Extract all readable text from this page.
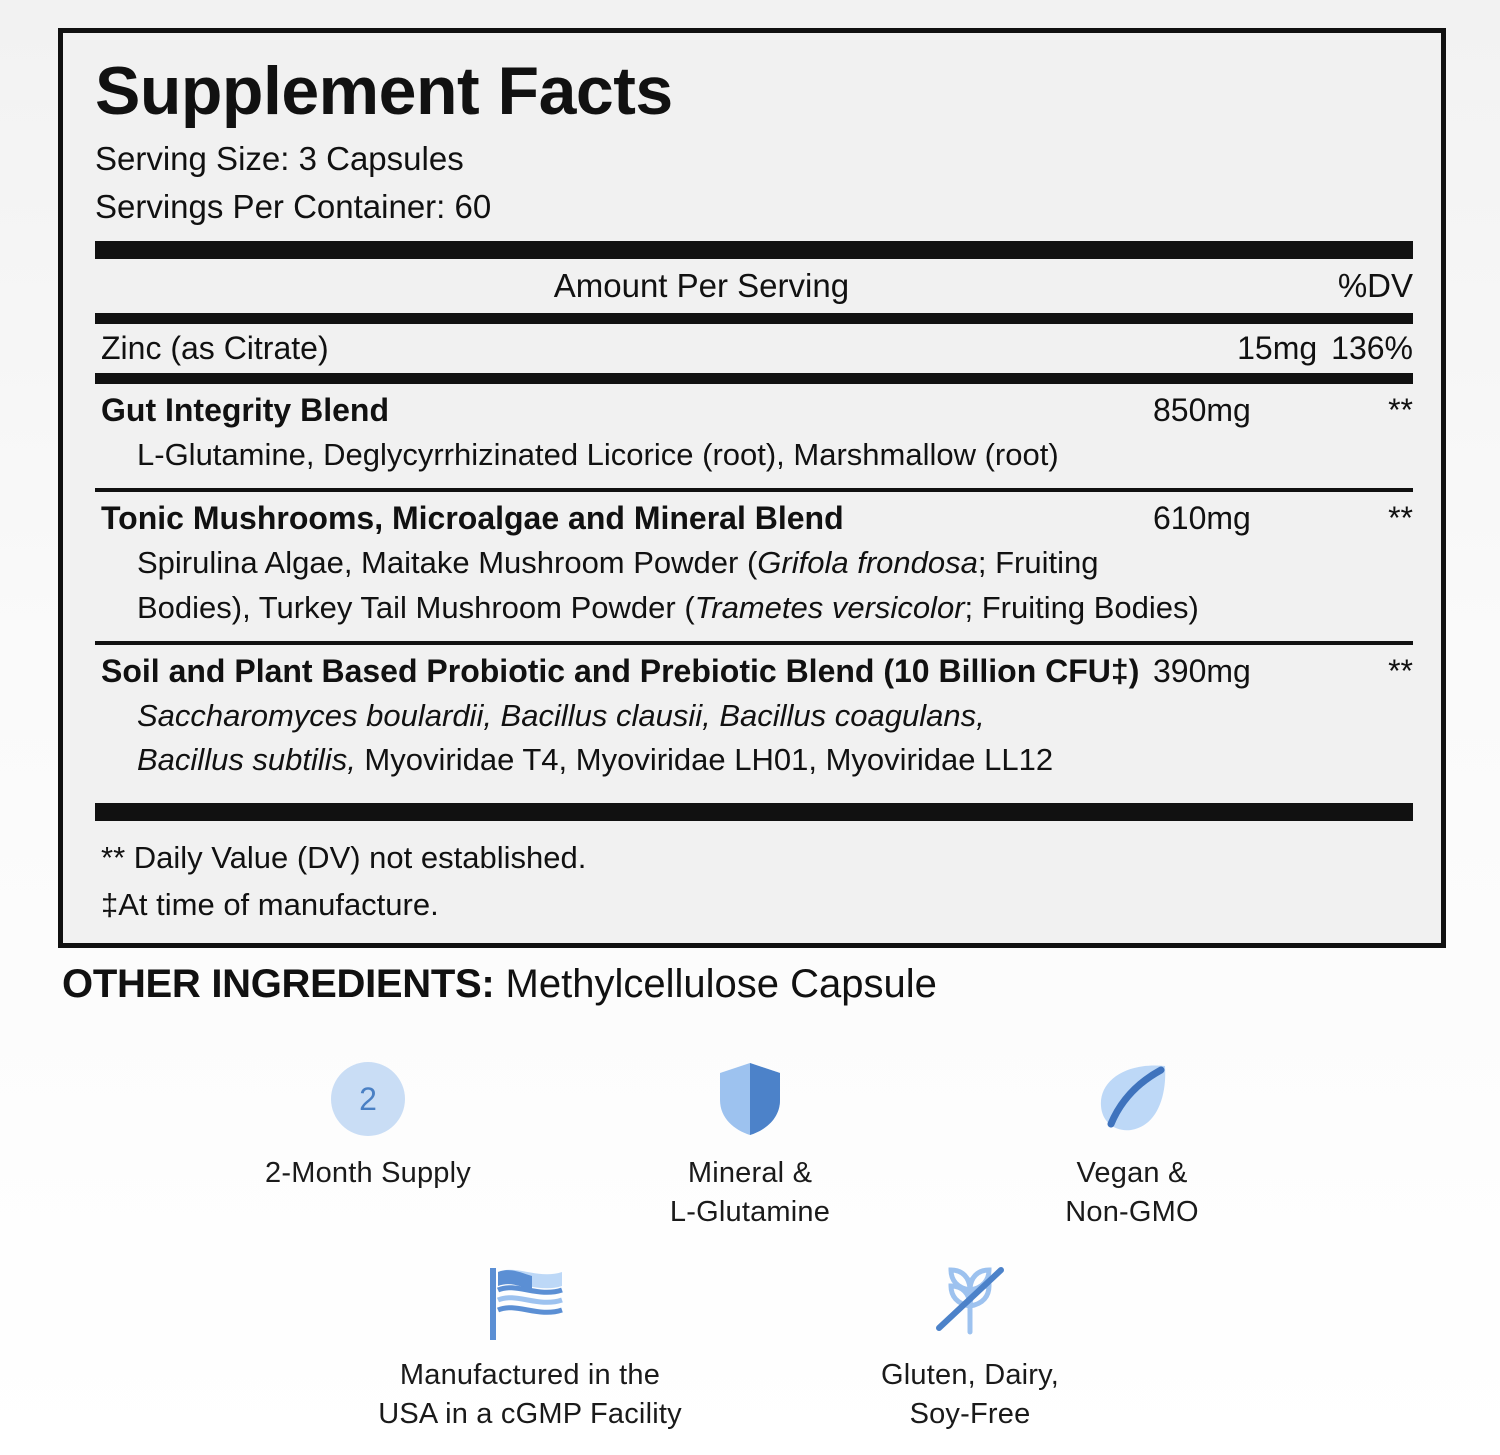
Supplement Facts
Serving Size: 3 Capsules
Servings Per Container: 60
Amount Per Serving	%DV
Zinc (as Citrate)	15mg 136%
Gut Integrity Blend	850mg	**
L-Glutamine, Deglycyrrhizinated Licorice (root), Marshmallow (root)
Tonic Mushrooms, Microalgae and Mineral Blend	610mg	**
Spirulina Algae, Maitake Mushroom Powder (Grifola frondosa; Fruiting
Bodies), Turkey Tail Mushroom Powder (Trametes versicolor; Fruiting Bodies)
Soil and Plant Based Probiotic and Prebiotic Blend (10 Billion CFU‡) 390mg	**
Saccharomyces boulardii, Bacillus clausii, Bacillus coagulans,
Bacillus subtilis, Myoviridae T4, Myoviridae LH01, Myoviridae LL12
** Daily Value (DV) not established.
‡At time of manufacture.
OTHER INGREDIENTS: Methylcellulose Capsule
2
2-Month Supply	Mineral &
L-Glutamine
Vegan &
Non-GMO
Manufactured in the
USA in a cGMP Facility
Gluten, Dairy,
Soy-Free
